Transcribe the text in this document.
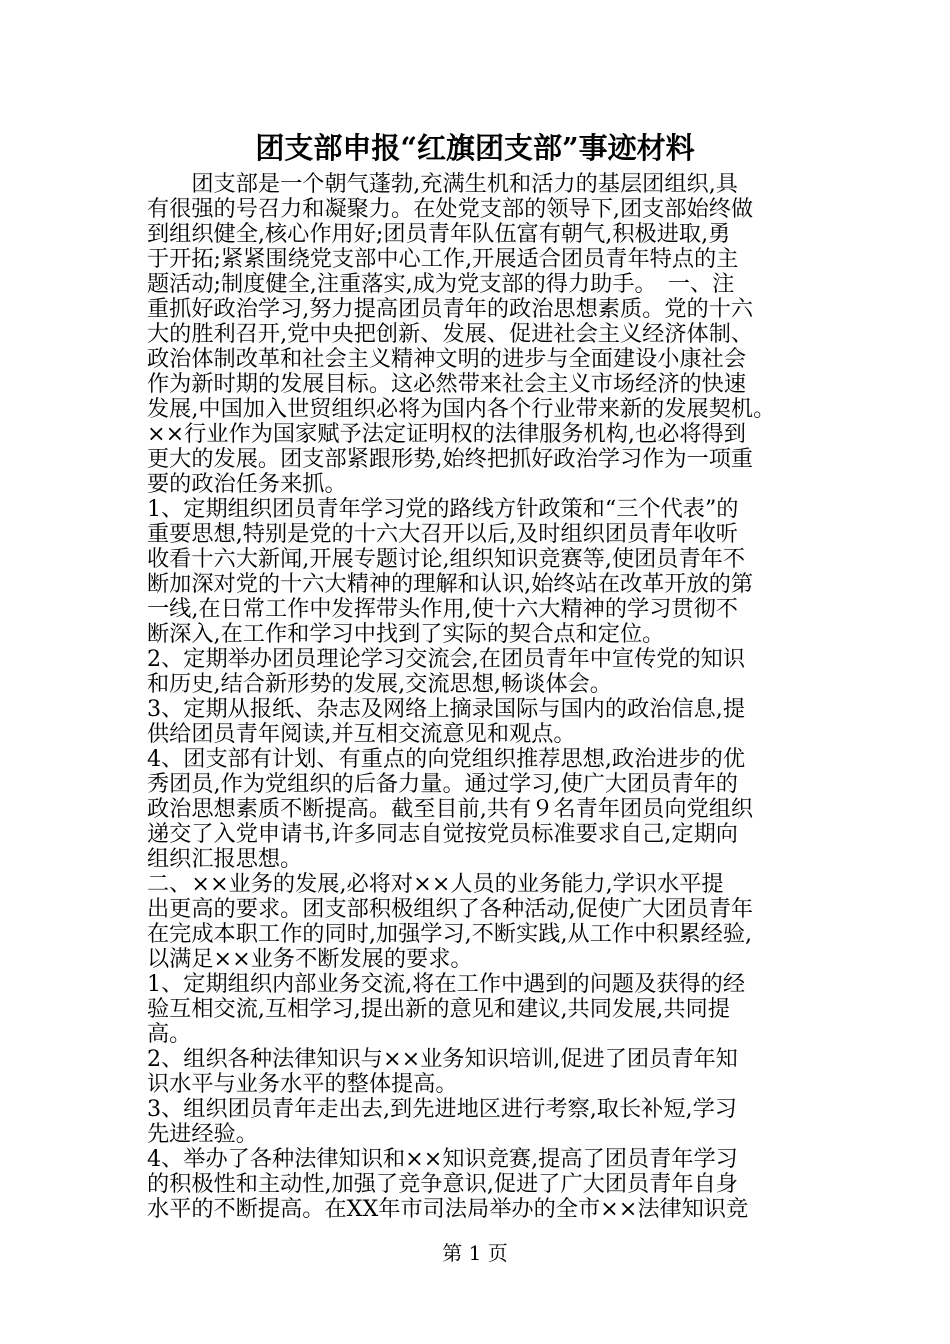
团支部申报“红旗团支部”事迹材料
　　团支部是一个朝气蓬勃,充满生机和活力的基层团组织,具
有很强的号召力和凝聚力。在处党支部的领导下,团支部始终做
到组织健全,核心作用好;团员青年队伍富有朝气,积极进取,勇
于开拓;紧紧围绕党支部中心工作,开展适合团员青年特点的主
题活动;制度健全,注重落实,成为党支部的得力助手。　一、注
重抓好政治学习,努力提高团员青年的政治思想素质。党的十六
大的胜利召开,党中央把创新、发展、促进社会主义经济体制、
政治体制改革和社会主义精神文明的进步与全面建设小康社会
作为新时期的发展目标。这必然带来社会主义市场经济的快速
发展,中国加入世贸组织必将为国内各个行业带来新的发展契机。
××行业作为国家赋予法定证明权的法律服务机构,也必将得到
更大的发展。团支部紧跟形势,始终把抓好政治学习作为一项重
要的政治任务来抓。
1、定期组织团员青年学习党的路线方针政策和“三个代表”的
重要思想,特别是党的十六大召开以后,及时组织团员青年收听
收看十六大新闻,开展专题讨论,组织知识竞赛等,使团员青年不
断加深对党的十六大精神的理解和认识,始终站在改革开放的第
一线,在日常工作中发挥带头作用,使十六大精神的学习贯彻不
断深入,在工作和学习中找到了实际的契合点和定位。
2、定期举办团员理论学习交流会,在团员青年中宣传党的知识
和历史,结合新形势的发展,交流思想,畅谈体会。
3、定期从报纸、杂志及网络上摘录国际与国内的政治信息,提
供给团员青年阅读,并互相交流意见和观点。
4、团支部有计划、有重点的向党组织推荐思想,政治进步的优
秀团员,作为党组织的后备力量。通过学习,使广大团员青年的
政治思想素质不断提高。截至目前,共有９名青年团员向党组织
递交了入党申请书,许多同志自觉按党员标准要求自己,定期向
组织汇报思想。
二、××业务的发展,必将对××人员的业务能力,学识水平提
出更高的要求。团支部积极组织了各种活动,促使广大团员青年
在完成本职工作的同时,加强学习,不断实践,从工作中积累经验,
以满足××业务不断发展的要求。
1、定期组织内部业务交流,将在工作中遇到的问题及获得的经
验互相交流,互相学习,提出新的意见和建议,共同发展,共同提
高。
2、组织各种法律知识与××业务知识培训,促进了团员青年知
识水平与业务水平的整体提高。
3、组织团员青年走出去,到先进地区进行考察,取长补短,学习
先进经验。
4、举办了各种法律知识和××知识竞赛,提高了团员青年学习
的积极性和主动性,加强了竞争意识,促进了广大团员青年自身
水平的不断提高。在XX年市司法局举办的全市××法律知识竞
第 1 页
